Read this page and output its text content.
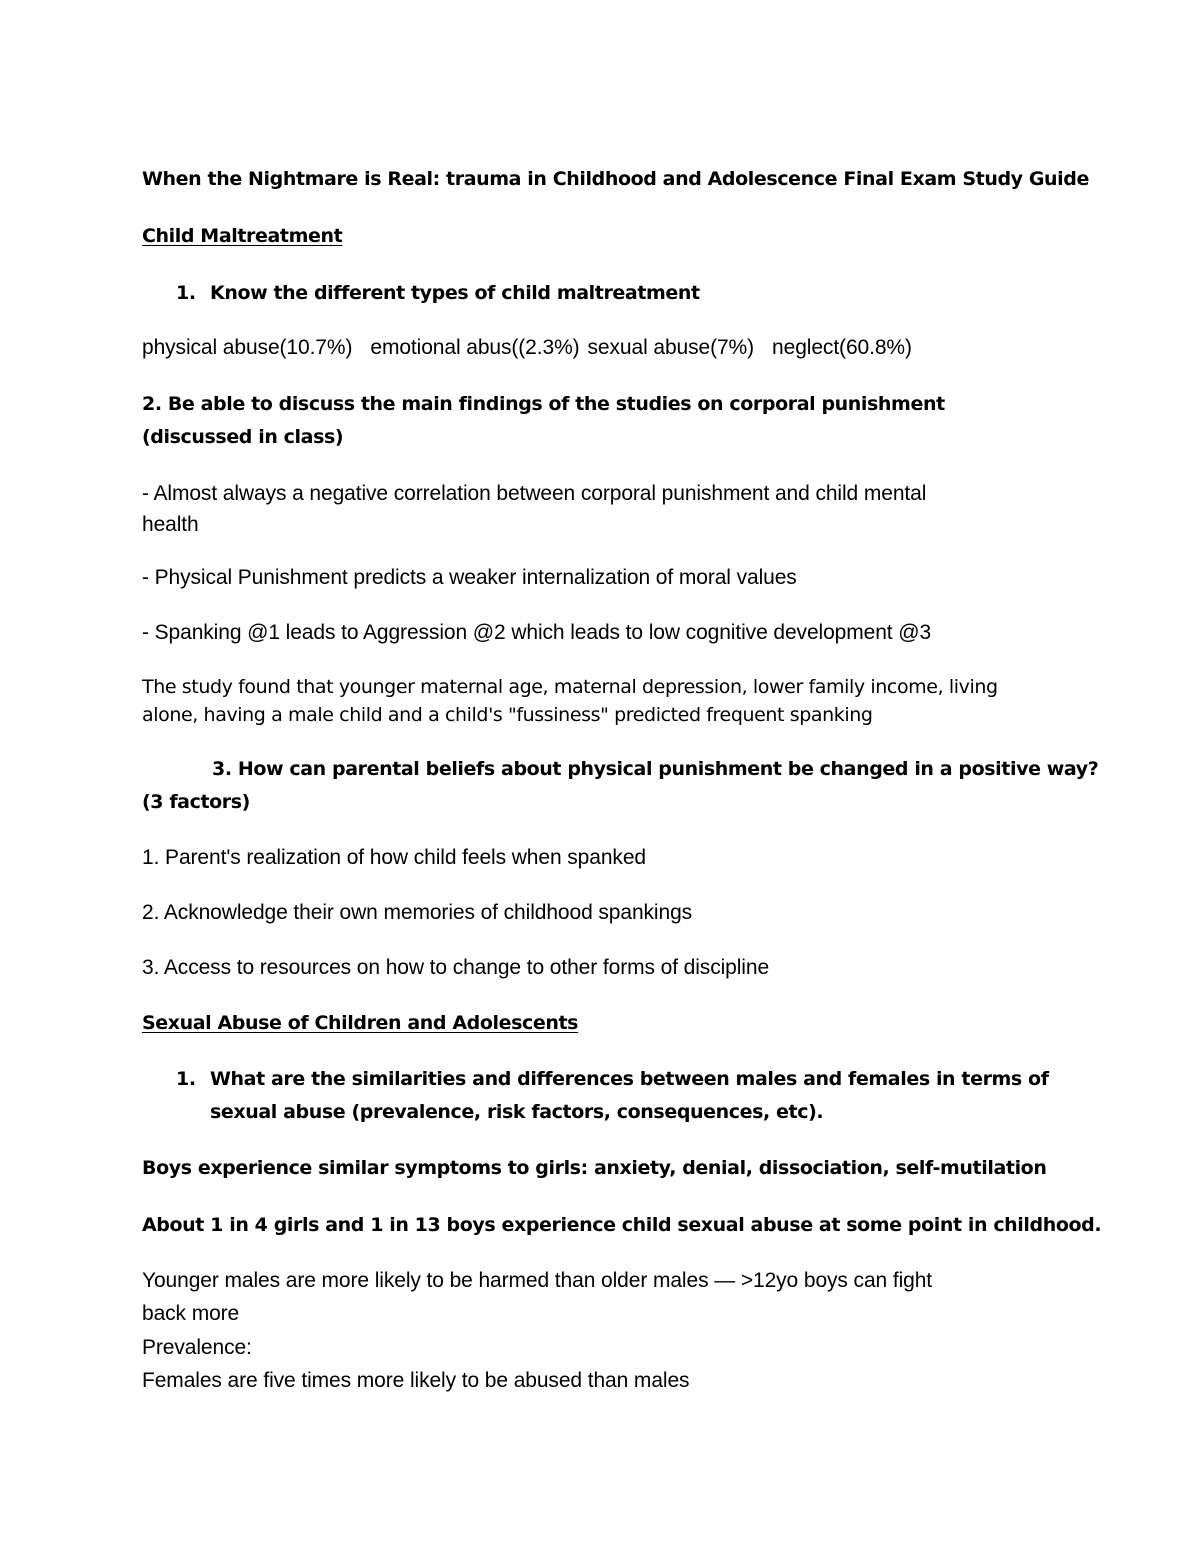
When the Nightmare is Real: trauma in Childhood and Adolescence Final Exam Study Guide

Child Maltreatment

1. Know the different types of child maltreatment

physical abuse(10.7%) emotional abus((2.3%) sexual abuse(7%) neglect(60.8%)

2. Be able to discuss the main findings of the studies on corporal punishment

(discussed in class)

- Almost always a negative correlation between corporal punishment and child mental

health

- Physical Punishment predicts a weaker internalization of moral values

- Spanking @1 leads to Aggression @2 which leads to low cognitive development @3

The study found that younger maternal age, maternal depression, lower family income, living

alone, having a male child and a child's "fussiness" predicted frequent spanking

3. How can parental beliefs about physical punishment be changed in a positive way?

(3 factors)

1. Parent's realization of how child feels when spanked

2. Acknowledge their own memories of childhood spankings

3. Access to resources on how to change to other forms of discipline

Sexual Abuse of Children and Adolescents

1. What are the similarities and differences between males and females in terms of

sexual abuse (prevalence, risk factors, consequences, etc).

Boys experience similar symptoms to girls: anxiety, denial, dissociation, self-mutilation

About 1 in 4 girls and 1 in 13 boys experience child sexual abuse at some point in childhood.

Younger males are more likely to be harmed than older males — >12yo boys can fight

back more

Prevalence:

Females are five times more likely to be abused than males
